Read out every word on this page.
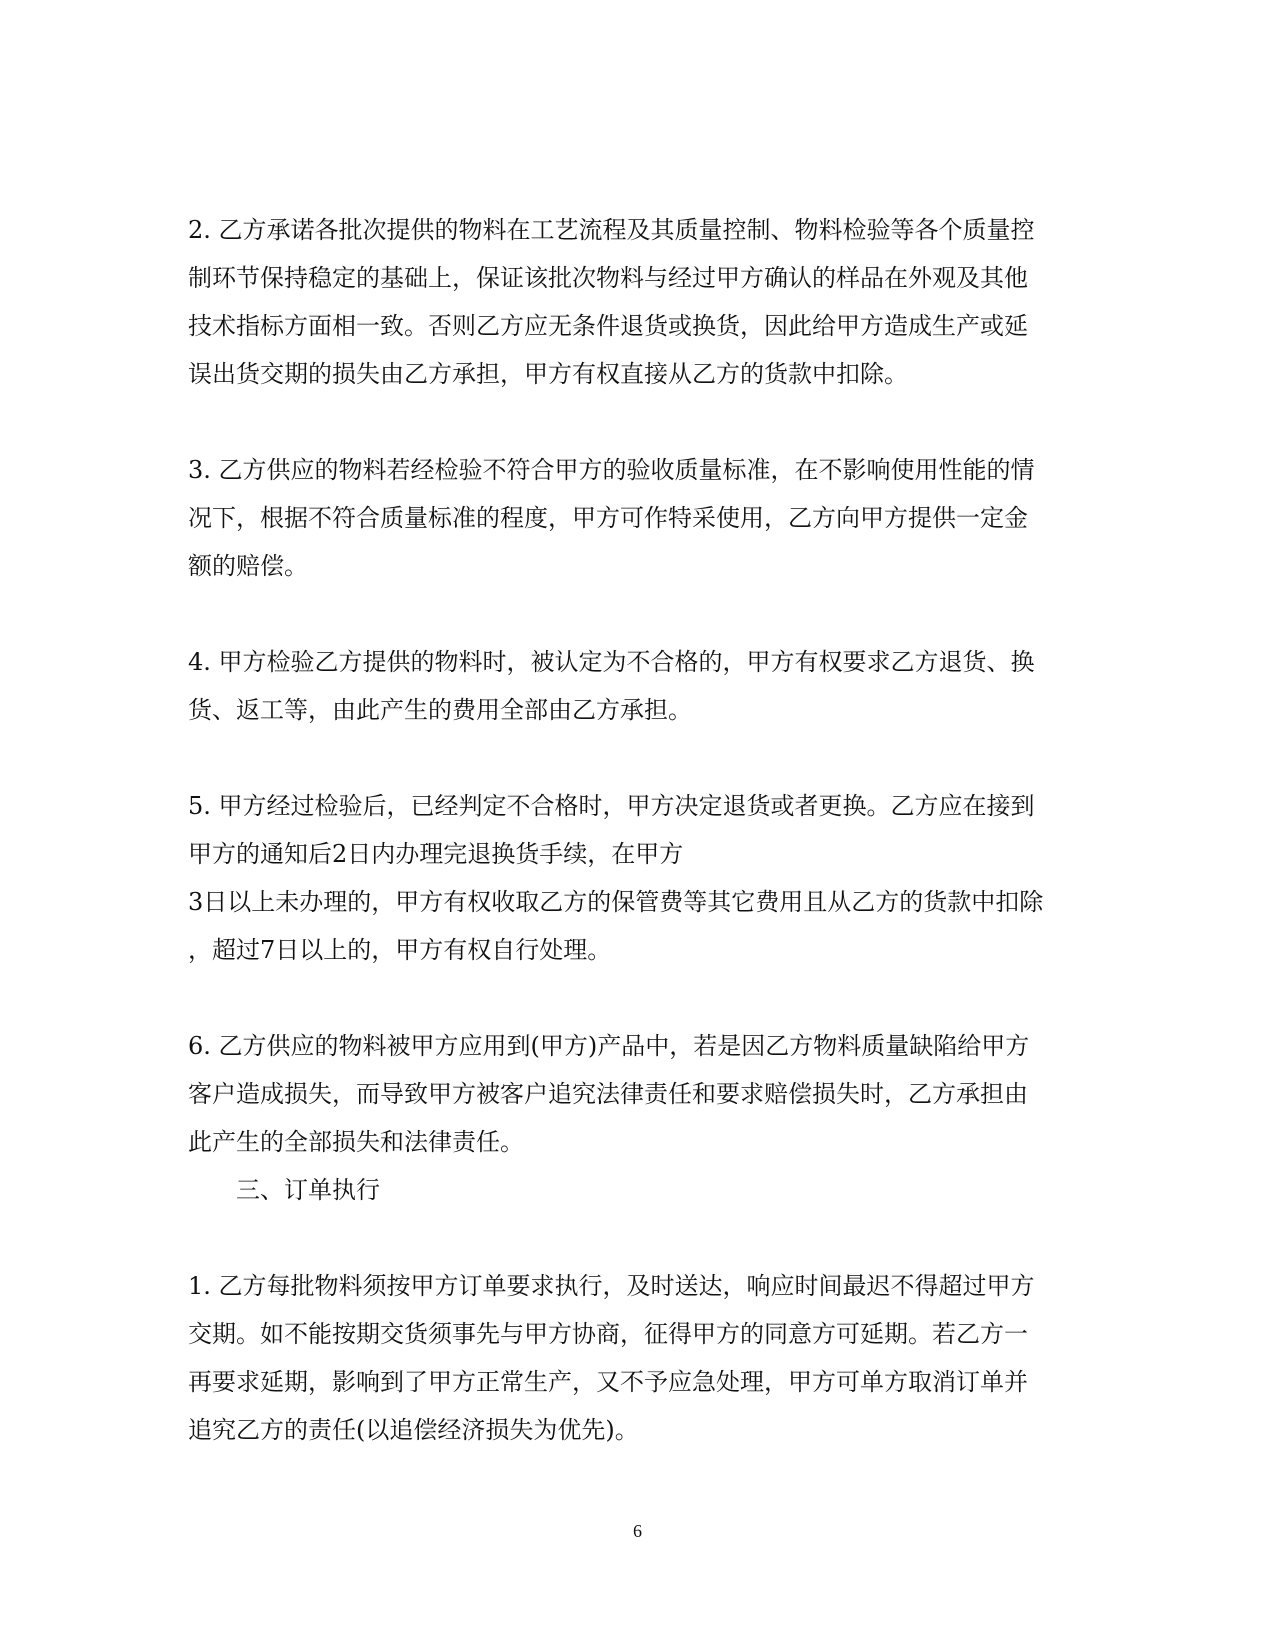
2. 乙方承诺各批次提供的物料在工艺流程及其质量控制、物料检验等各个质量控
制环节保持稳定的基础上，保证该批次物料与经过甲方确认的样品在外观及其他
技术指标方面相一致。否则乙方应无条件退货或换货，因此给甲方造成生产或延
误出货交期的损失由乙方承担，甲方有权直接从乙方的货款中扣除。

3. 乙方供应的物料若经检验不符合甲方的验收质量标准，在不影响使用性能的情
况下，根据不符合质量标准的程度，甲方可作特采使用，乙方向甲方提供一定金
额的赔偿。

4. 甲方检验乙方提供的物料时，被认定为不合格的，甲方有权要求乙方退货、换
货、返工等，由此产生的费用全部由乙方承担。

5. 甲方经过检验后，已经判定不合格时，甲方决定退货或者更换。乙方应在接到
甲方的通知后2日内办理完退换货手续，在甲方
3日以上未办理的，甲方有权收取乙方的保管费等其它费用且从乙方的货款中扣除
，超过7日以上的，甲方有权自行处理。

6. 乙方供应的物料被甲方应用到(甲方)产品中，若是因乙方物料质量缺陷给甲方
客户造成损失，而导致甲方被客户追究法律责任和要求赔偿损失时，乙方承担由
此产生的全部损失和法律责任。

三、订单执行

1. 乙方每批物料须按甲方订单要求执行，及时送达，响应时间最迟不得超过甲方
交期。如不能按期交货须事先与甲方协商，征得甲方的同意方可延期。若乙方一
再要求延期，影响到了甲方正常生产，又不予应急处理，甲方可单方取消订单并
追究乙方的责任(以追偿经济损失为优先)。

6
